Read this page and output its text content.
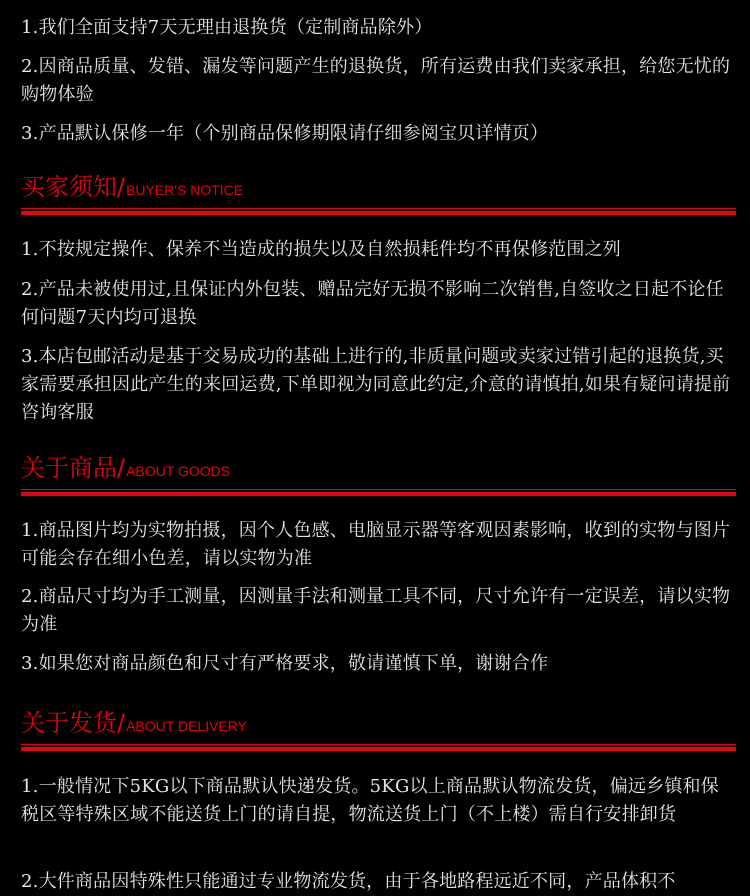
1.我们全面支持7天无理由退换货（定制商品除外）
2.因商品质量、发错、漏发等问题产生的退换货，所有运费由我们卖家承担，给您无忧的购物体验
3.产品默认保修一年（个别商品保修期限请仔细参阅宝贝详情页）
买家须知/ BUYER'S NOTICE
1.不按规定操作、保养不当造成的损失以及自然损耗件均不再保修范围之列
2.产品未被使用过,且保证内外包装、赠品完好无损不影响二次销售,自签收之日起不论任何问题7天内均可退换
3.本店包邮活动是基于交易成功的基础上进行的,非质量问题或卖家过错引起的退换货,买家需要承担因此产生的来回运费,下单即视为同意此约定,介意的请慎拍,如果有疑问请提前咨询客服
关于商品/ ABOUT GOODS
1.商品图片均为实物拍摄，因个人色感、电脑显示器等客观因素影响，收到的实物与图片可能会存在细小色差，请以实物为准
2.商品尺寸均为手工测量，因测量手法和测量工具不同，尺寸允许有一定误差，请以实物为准
3.如果您对商品颜色和尺寸有严格要求，敬请谨慎下单，谢谢合作
关于发货/ ABOUT DELIVERY
1.一般情况下5KG以下商品默认快递发货。5KG以上商品默认物流发货，偏远乡镇和保税区等特殊区域不能送货上门的请自提，物流送货上门（不上楼）需自行安排卸货
2.大件商品因特殊性只能通过专业物流发货，由于各地路程远近不同，产品体积不
